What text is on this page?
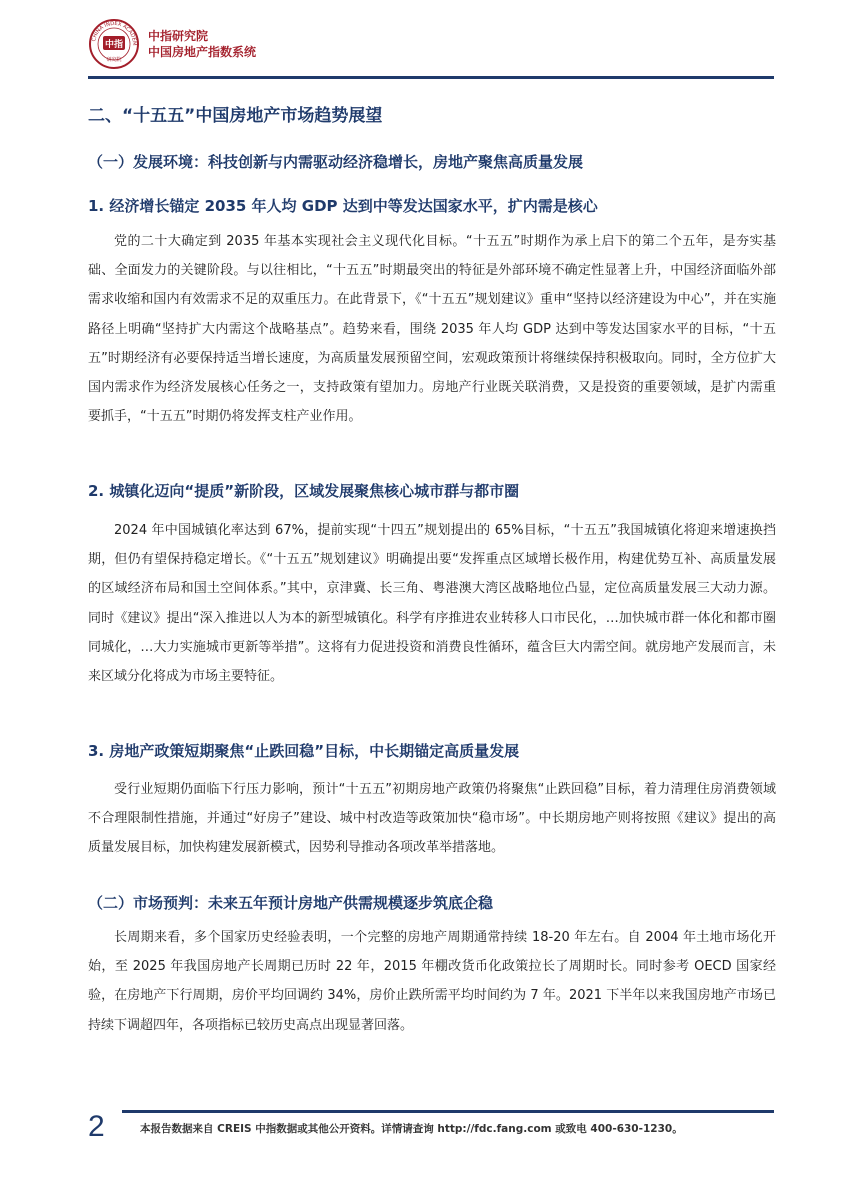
CHINA INDEX ACADEM
中指
研究院
中指研究院
中国房地产指数系统
二、“十五五”中国房地产市场趋势展望
（一）发展环境：科技创新与内需驱动经济稳增长，房地产聚焦高质量发展
1. 经济增长锚定 2035 年人均 GDP 达到中等发达国家水平，扩内需是核心

党的二十大确定到 2035 年基本实现社会主义现代化目标。“十五五”时期作为承上启下的第二个五年，是夯实基础、全面发力的关键阶段。与以往相比，“十五五”时期最突出的特征是外部环境不确定性显著上升，中国经济面临外部需求收缩和国内有效需求不足的双重压力。在此背景下，《“十五五”规划建议》重申“坚持以经济建设为中心”，并在实施路径上明确“坚持扩大内需这个战略基点”。趋势来看，围绕 2035 年人均 GDP 达到中等发达国家水平的目标，“十五五”时期经济有必要保持适当增长速度，为高质量发展预留空间，宏观政策预计将继续保持积极取向。同时，全方位扩大国内需求作为经济发展核心任务之一，支持政策有望加力。房地产行业既关联消费，又是投资的重要领域，是扩内需重要抓手，“十五五”时期仍将发挥支柱产业作用。

2. 城镇化迈向“提质”新阶段，区域发展聚焦核心城市群与都市圈

2024 年中国城镇化率达到 67%，提前实现“十四五”规划提出的 65%目标，“十五五”我国城镇化将迎来增速换挡期，但仍有望保持稳定增长。《“十五五”规划建议》明确提出要“发挥重点区域增长极作用，构建优势互补、高质量发展的区域经济布局和国土空间体系。”其中，京津冀、长三角、粤港澳大湾区战略地位凸显，定位高质量发展三大动力源。同时《建议》提出“深入推进以人为本的新型城镇化。科学有序推进农业转移人口市民化，…加快城市群一体化和都市圈同城化，…大力实施城市更新等举措”。这将有力促进投资和消费良性循环，蕴含巨大内需空间。就房地产发展而言，未来区域分化将成为市场主要特征。

3. 房地产政策短期聚焦“止跌回稳”目标，中长期锚定高质量发展

受行业短期仍面临下行压力影响，预计“十五五”初期房地产政策仍将聚焦“止跌回稳”目标，着力清理住房消费领域不合理限制性措施，并通过“好房子”建设、城中村改造等政策加快“稳市场”。中长期房地产则将按照《建议》提出的高质量发展目标，加快构建发展新模式，因势利导推动各项改革举措落地。

（二）市场预判：未来五年预计房地产供需规模逐步筑底企稳

长周期来看，多个国家历史经验表明，一个完整的房地产周期通常持续 18-20 年左右。自 2004 年土地市场化开始，至 2025 年我国房地产长周期已历时 22 年，2015 年棚改货币化政策拉长了周期时长。同时参考 OECD 国家经验，在房地产下行周期，房价平均回调约 34%，房价止跌所需平均时间约为 7 年。2021 下半年以来我国房地产市场已持续下调超四年，各项指标已较历史高点出现显著回落。

2	本报告数据来自 CREIS 中指数据或其他公开资料。详情请查询 http://fdc.fang.com 或致电 400-630-1230。
